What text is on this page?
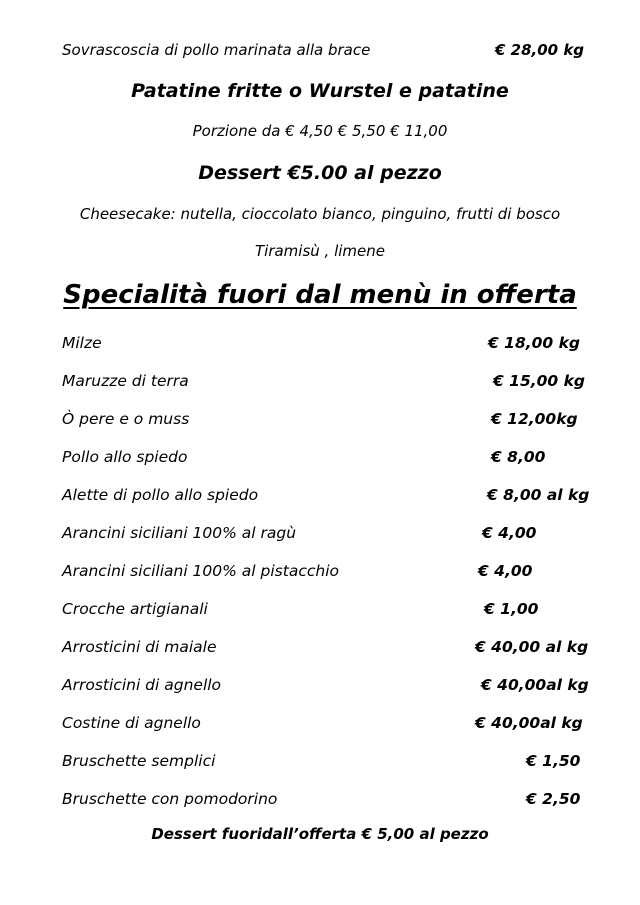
Sovrascoscia di pollo marinata alla brace	€ 28,00 kg
Patatine fritte o Wurstel e patatine
Porzione da € 4,50 € 5,50 € 11,00
Dessert €5.00 al pezzo
Cheesecake: nutella, cioccolato bianco, pinguino, frutti di bosco
Tiramisù , limene
Specialità fuori dal menù in offerta
Milze	€ 18,00 kg
Maruzze di terra	€ 15,00 kg
Ò pere e o muss	€ 12,00kg
Pollo allo spiedo	€ 8,00
Alette di pollo allo spiedo	€ 8,00 al kg
Arancini siciliani 100% al ragù	€ 4,00
Arancini siciliani 100% al pistacchio	€ 4,00
Crocche artigianali	€ 1,00
Arrosticini di maiale	€ 40,00 al kg
Arrosticini di agnello	€ 40,00al kg
Costine di agnello	€ 40,00al kg
Bruschette semplici	€ 1,50
Bruschette con pomodorino	€ 2,50
Dessert fuoridall’offerta € 5,00 al pezzo
